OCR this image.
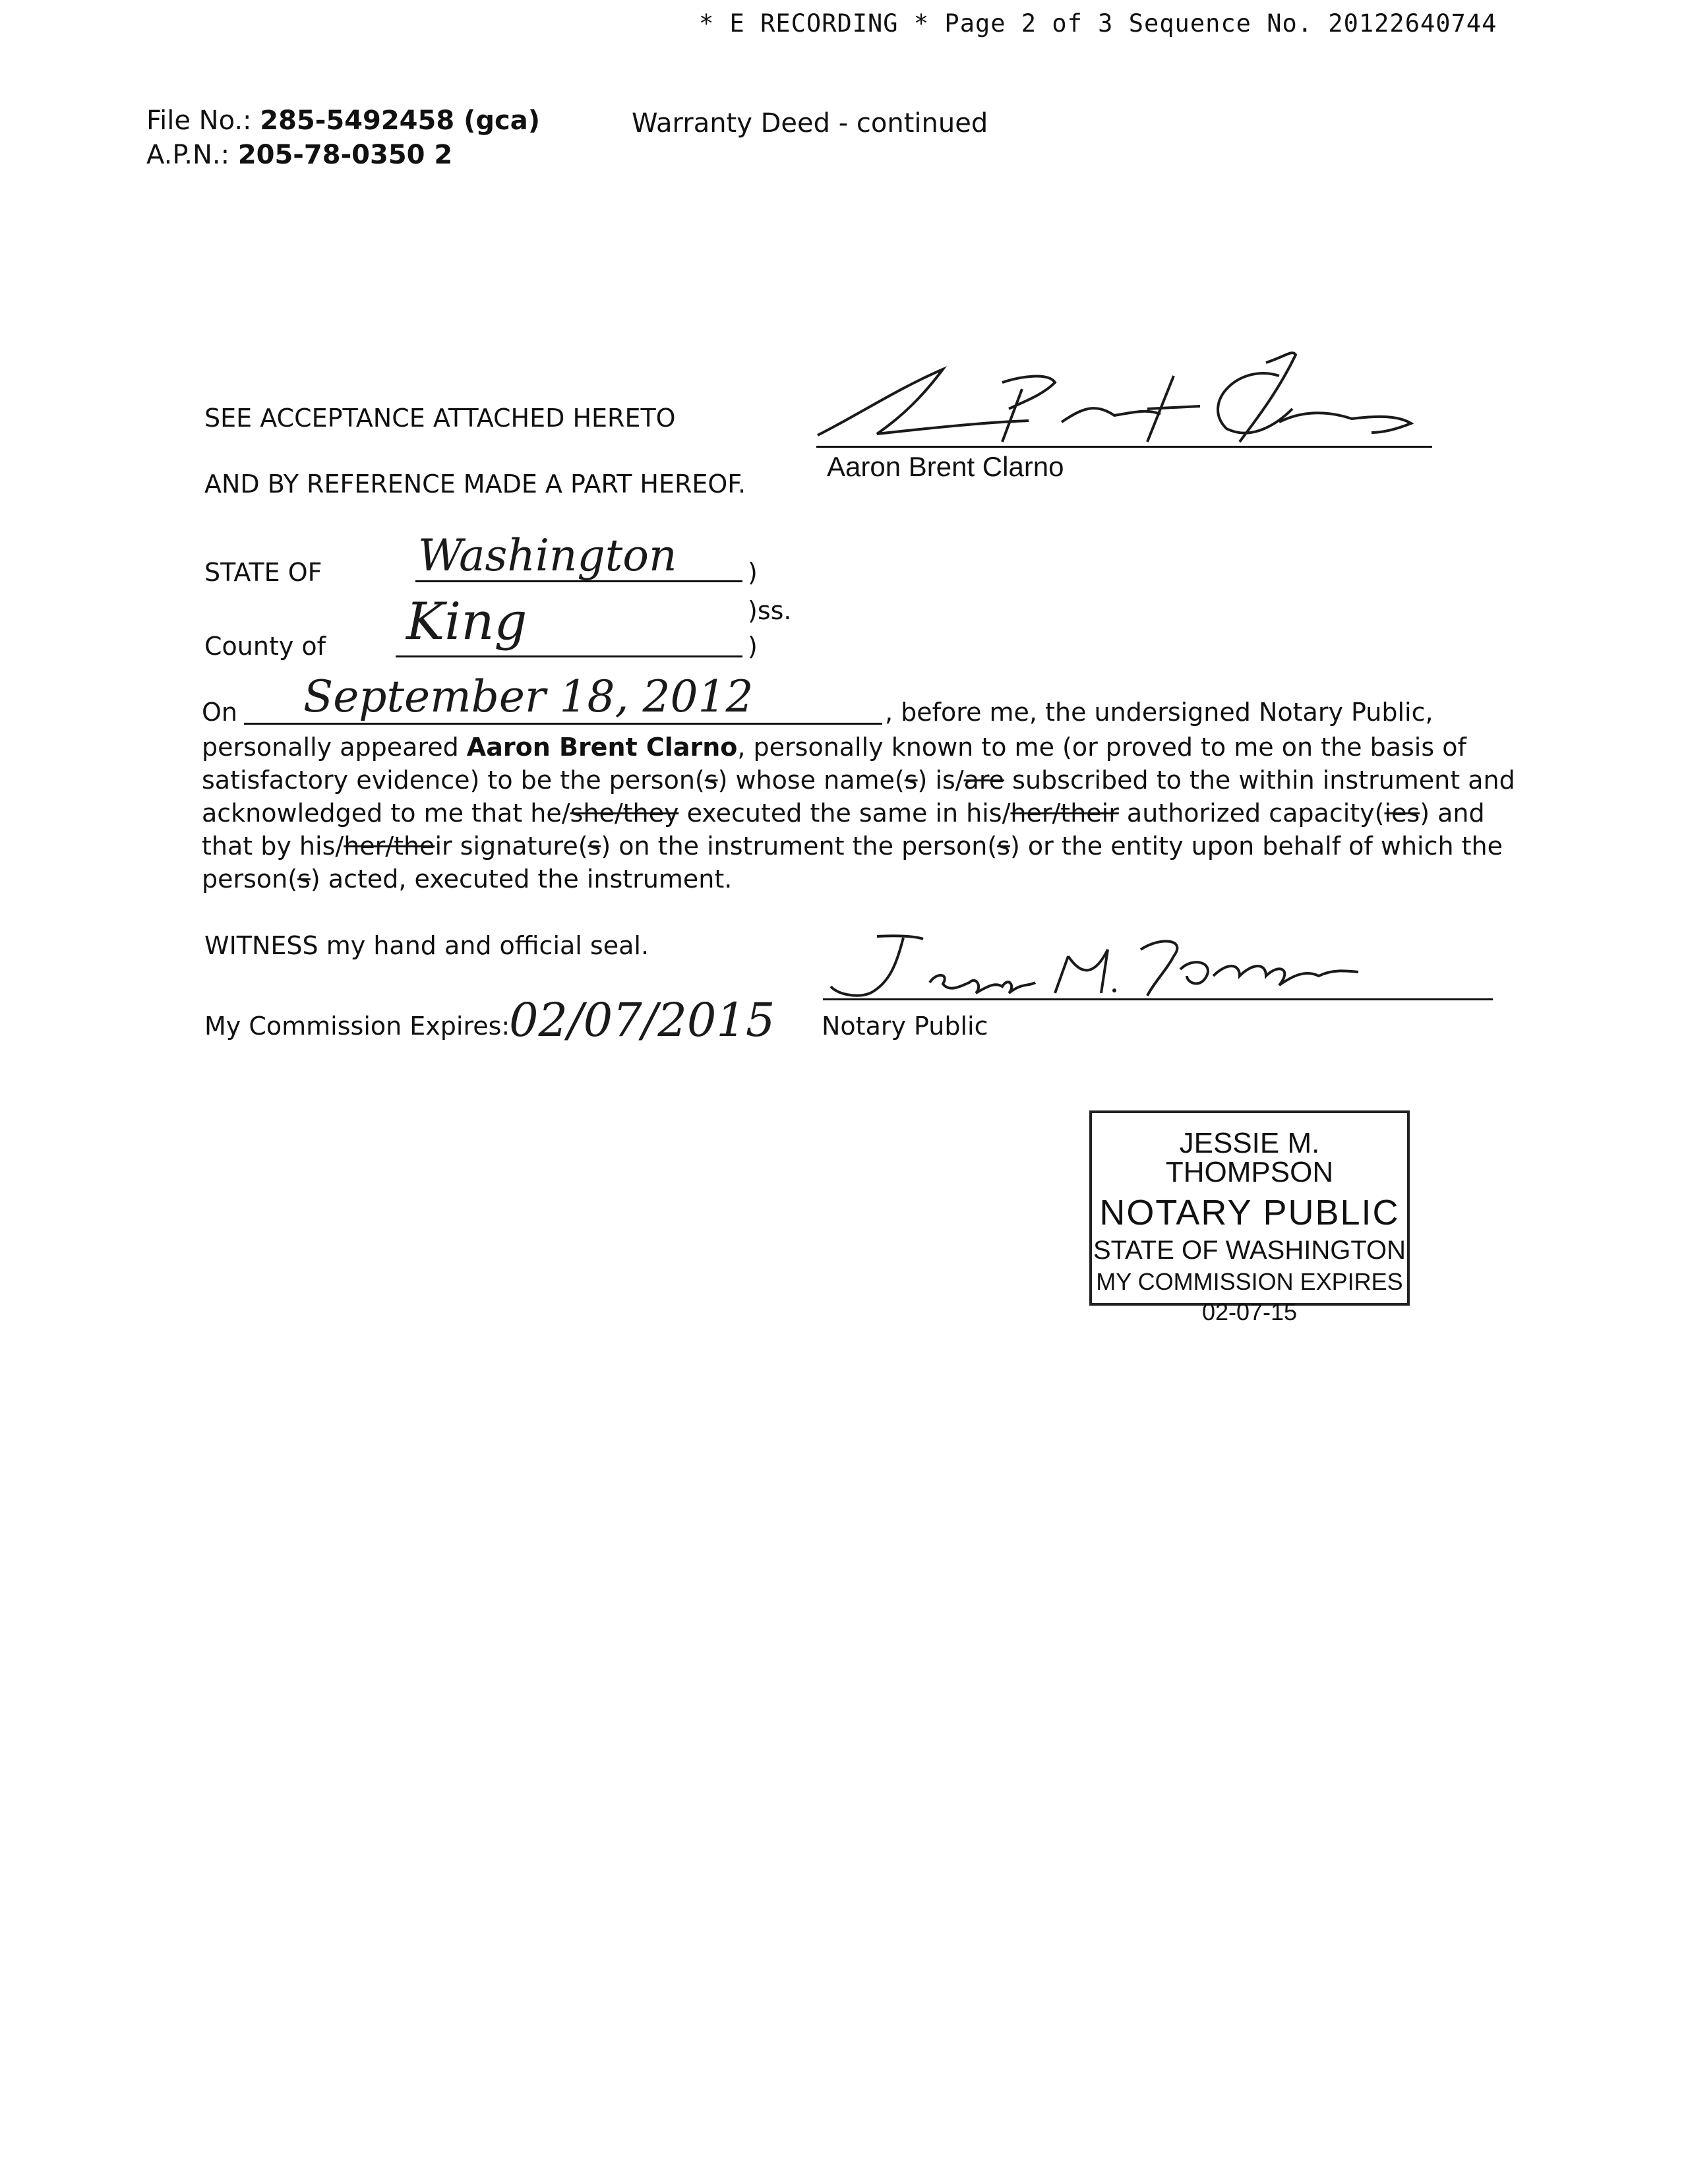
* E RECORDING * Page 2 of 3 Sequence No. 20122640744
File No.: 285-5492458 (gca)
A.P.N.: 205-78-0350 2
Warranty Deed - continued
SEE ACCEPTANCE ATTACHED HERETO
AND BY REFERENCE MADE A PART HEREOF.
Aaron Brent Clarno
STATE OF Washington	)
)ss.
County of King	)
On September 18, 2012	, before me, the undersigned Notary Public,
personally appeared Aaron Brent Clarno, personally known to me (or proved to me on the basis of
satisfactory evidence) to be the person(s) whose name(s) is/are subscribed to the within instrument and
acknowledged to me that he/she/they executed the same in his/her/their authorized capacity(ies) and
that by his/her/their signature(s) on the instrument the person(s) or the entity upon behalf of which the
person(s) acted, executed the instrument.
WITNESS my hand and official seal.
My Commission Expires:
02/07/2015 Notary Public
JESSIE M. THOMPSON
NOTARY PUBLIC
STATE OF WASHINGTON
MY COMMISSION EXPIRES
02-07-15
